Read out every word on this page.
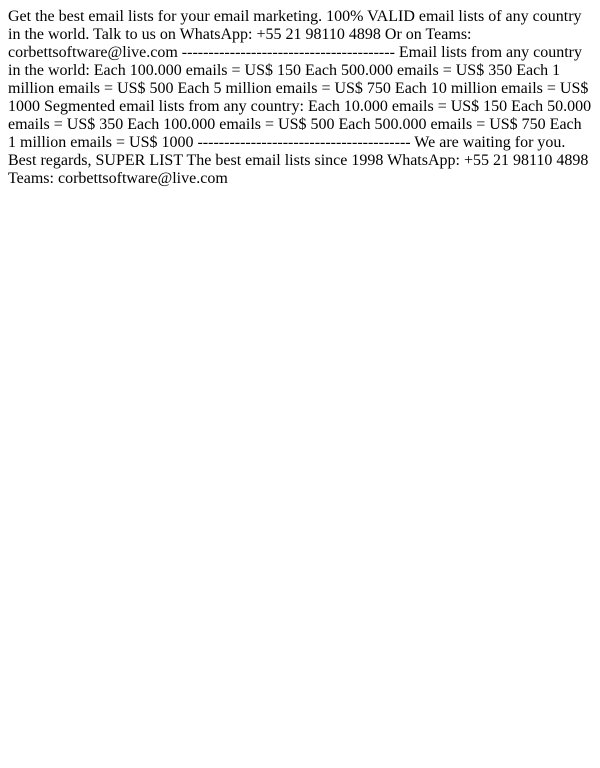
Get the best email lists for your email marketing. 100% VALID email lists of any country in the world. Talk to us on WhatsApp: +55 21 98110 4898 Or on Teams: corbettsoftware@live.com ---------------------------------------- Email lists from any country in the world: Each 100.000 emails = US$ 150 Each 500.000 emails = US$ 350 Each 1 million emails = US$ 500 Each 5 million emails = US$ 750 Each 10 million emails = US$ 1000 Segmented email lists from any country: Each 10.000 emails = US$ 150 Each 50.000 emails = US$ 350 Each 100.000 emails = US$ 500 Each 500.000 emails = US$ 750 Each 1 million emails = US$ 1000 ---------------------------------------- We are waiting for you. Best regards, SUPER LIST The best email lists since 1998 WhatsApp: +55 21 98110 4898 Teams: corbettsoftware@live.com
